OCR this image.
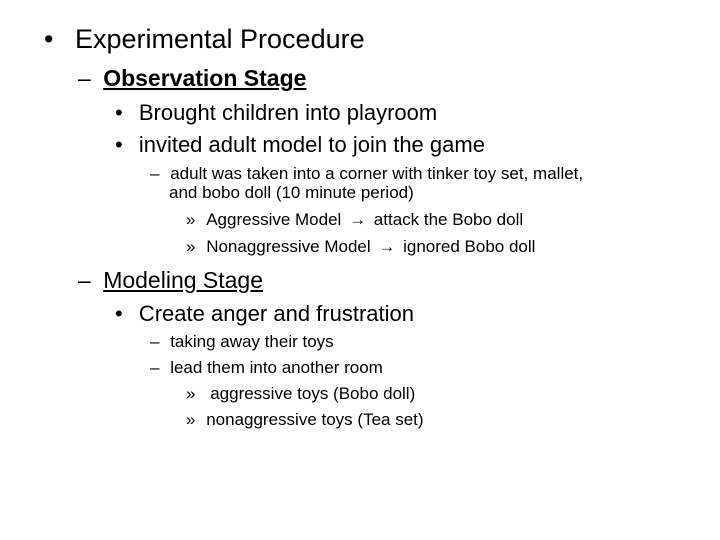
• Experimental Procedure
– Observation Stage
• Brought children into playroom
• invited adult model to join the game
– adult was taken into a corner with tinker toy set, mallet,
and bobo doll (10 minute period)
» Aggressive Model → attack the Bobo doll
» Nonaggressive Model → ignored Bobo doll
– Modeling Stage
• Create anger and frustration
– taking away their toys
– lead them into another room
» aggressive toys (Bobo doll)
» nonaggressive toys (Tea set)
